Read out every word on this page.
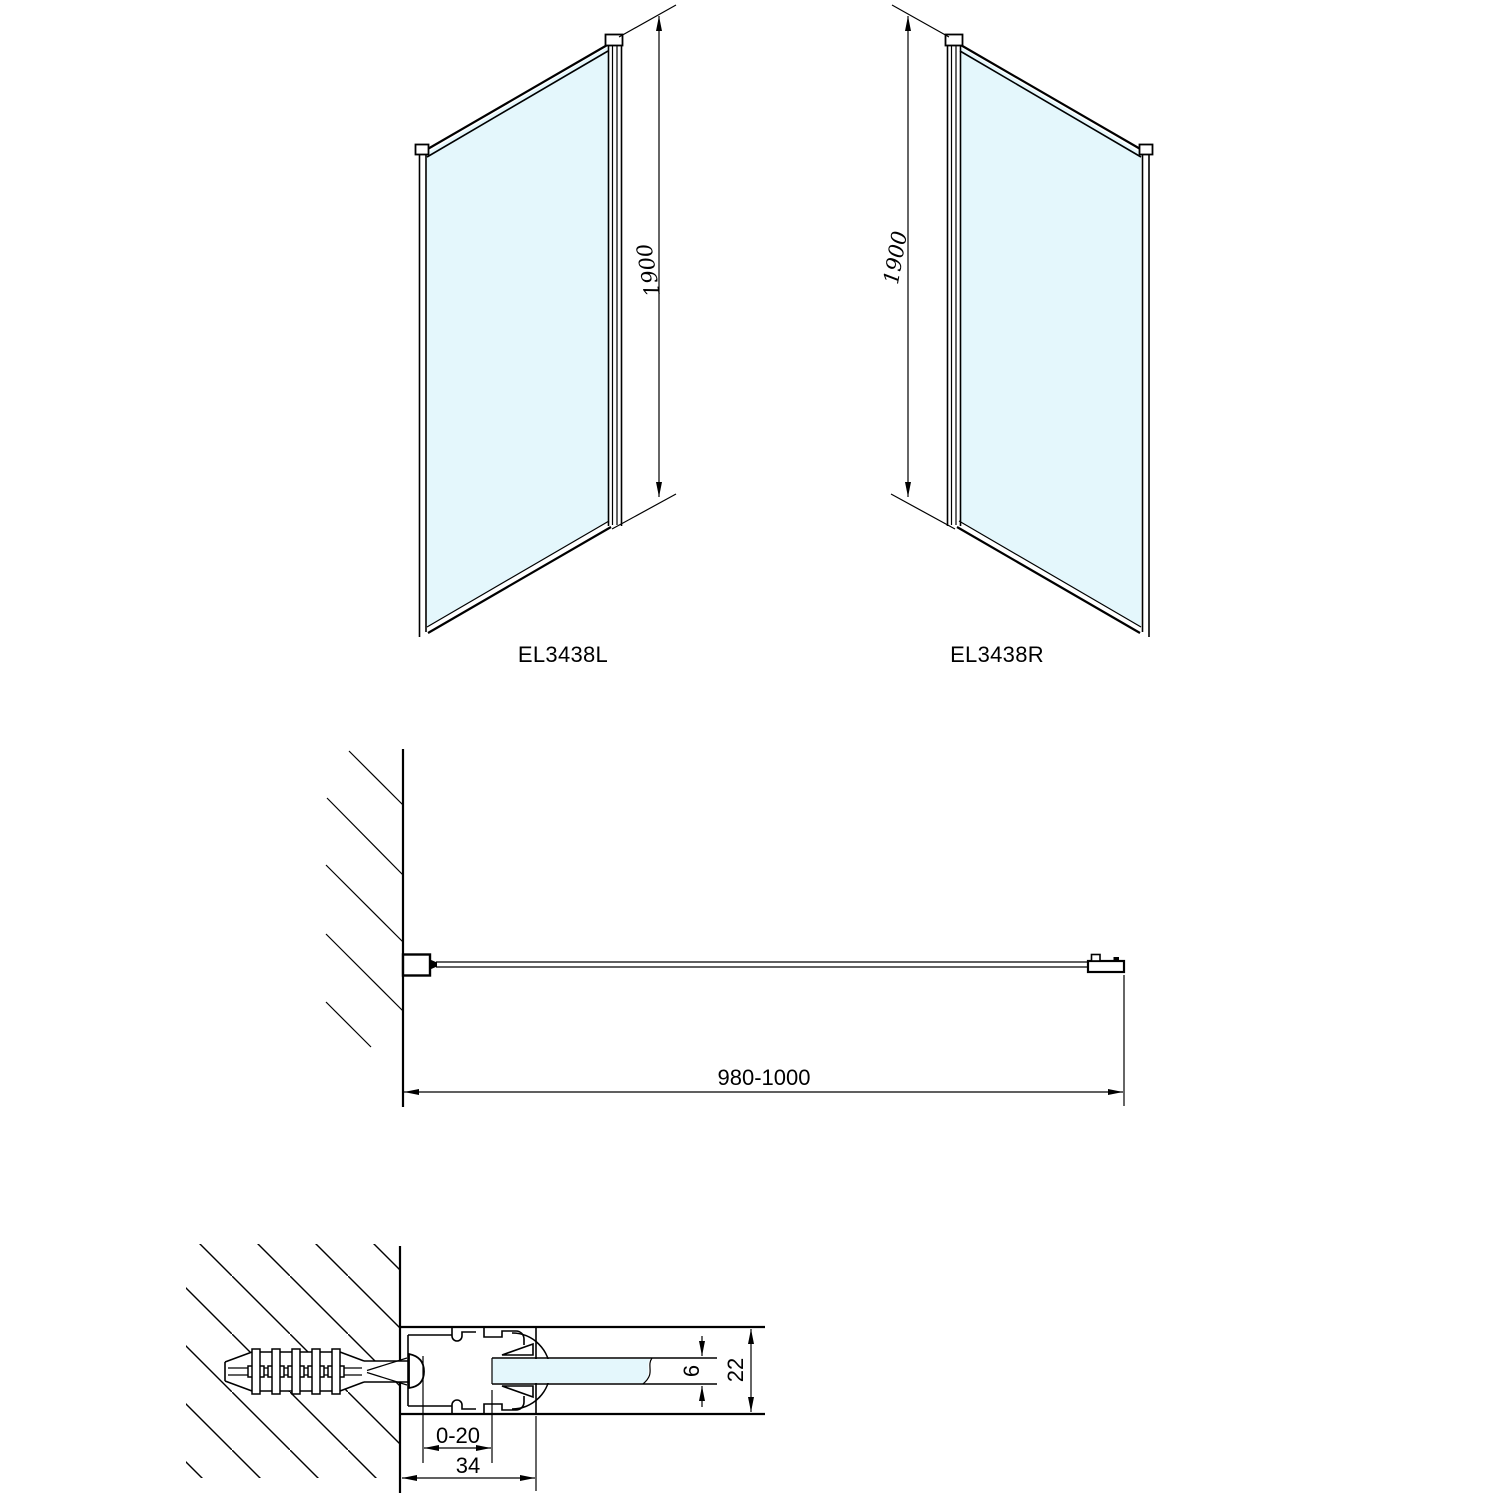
1900
EL3438L
1900
EL3438R
980-1000
0-20
34
6 22
